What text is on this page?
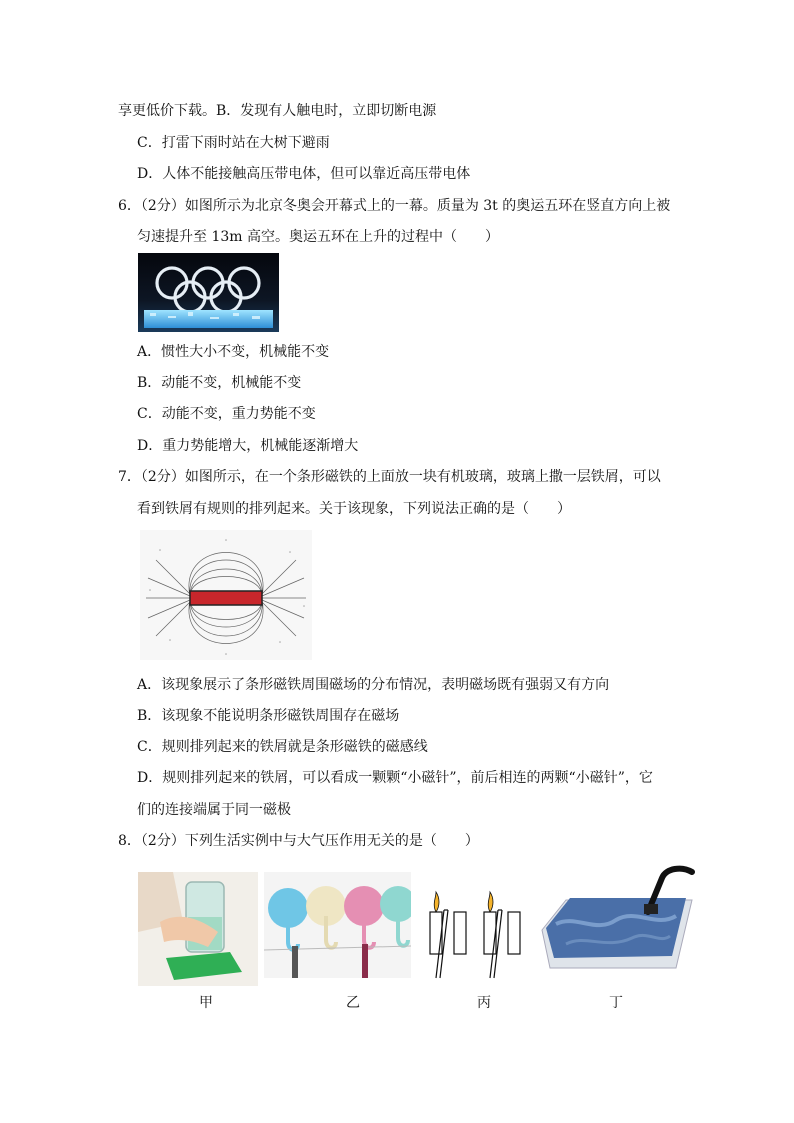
享更低价下载。B．发现有人触电时，立即切断电源
C．打雷下雨时站在大树下避雨
D．人体不能接触高压带电体，但可以靠近高压带电体
6．（2分）如图所示为北京冬奥会开幕式上的一幕。质量为 3t 的奥运五环在竖直方向上被
匀速提升至 13m 高空。奥运五环在上升的过程中（　　）
A．惯性大小不变，机械能不变
B．动能不变，机械能不变
C．动能不变，重力势能不变
D．重力势能增大，机械能逐渐增大
7．（2分）如图所示，在一个条形磁铁的上面放一块有机玻璃，玻璃上撒一层铁屑，可以
看到铁屑有规则的排列起来。关于该现象，下列说法正确的是（　　）
A．该现象展示了条形磁铁周围磁场的分布情况，表明磁场既有强弱又有方向
B．该现象不能说明条形磁铁周围存在磁场
C．规则排列起来的铁屑就是条形磁铁的磁感线
D．规则排列起来的铁屑，可以看成一颗颗“小磁针”，前后相连的两颗“小磁针”，它
们的连接端属于同一磁极
8．（2分）下列生活实例中与大气压作用无关的是（　　）
甲	乙	丙	丁
